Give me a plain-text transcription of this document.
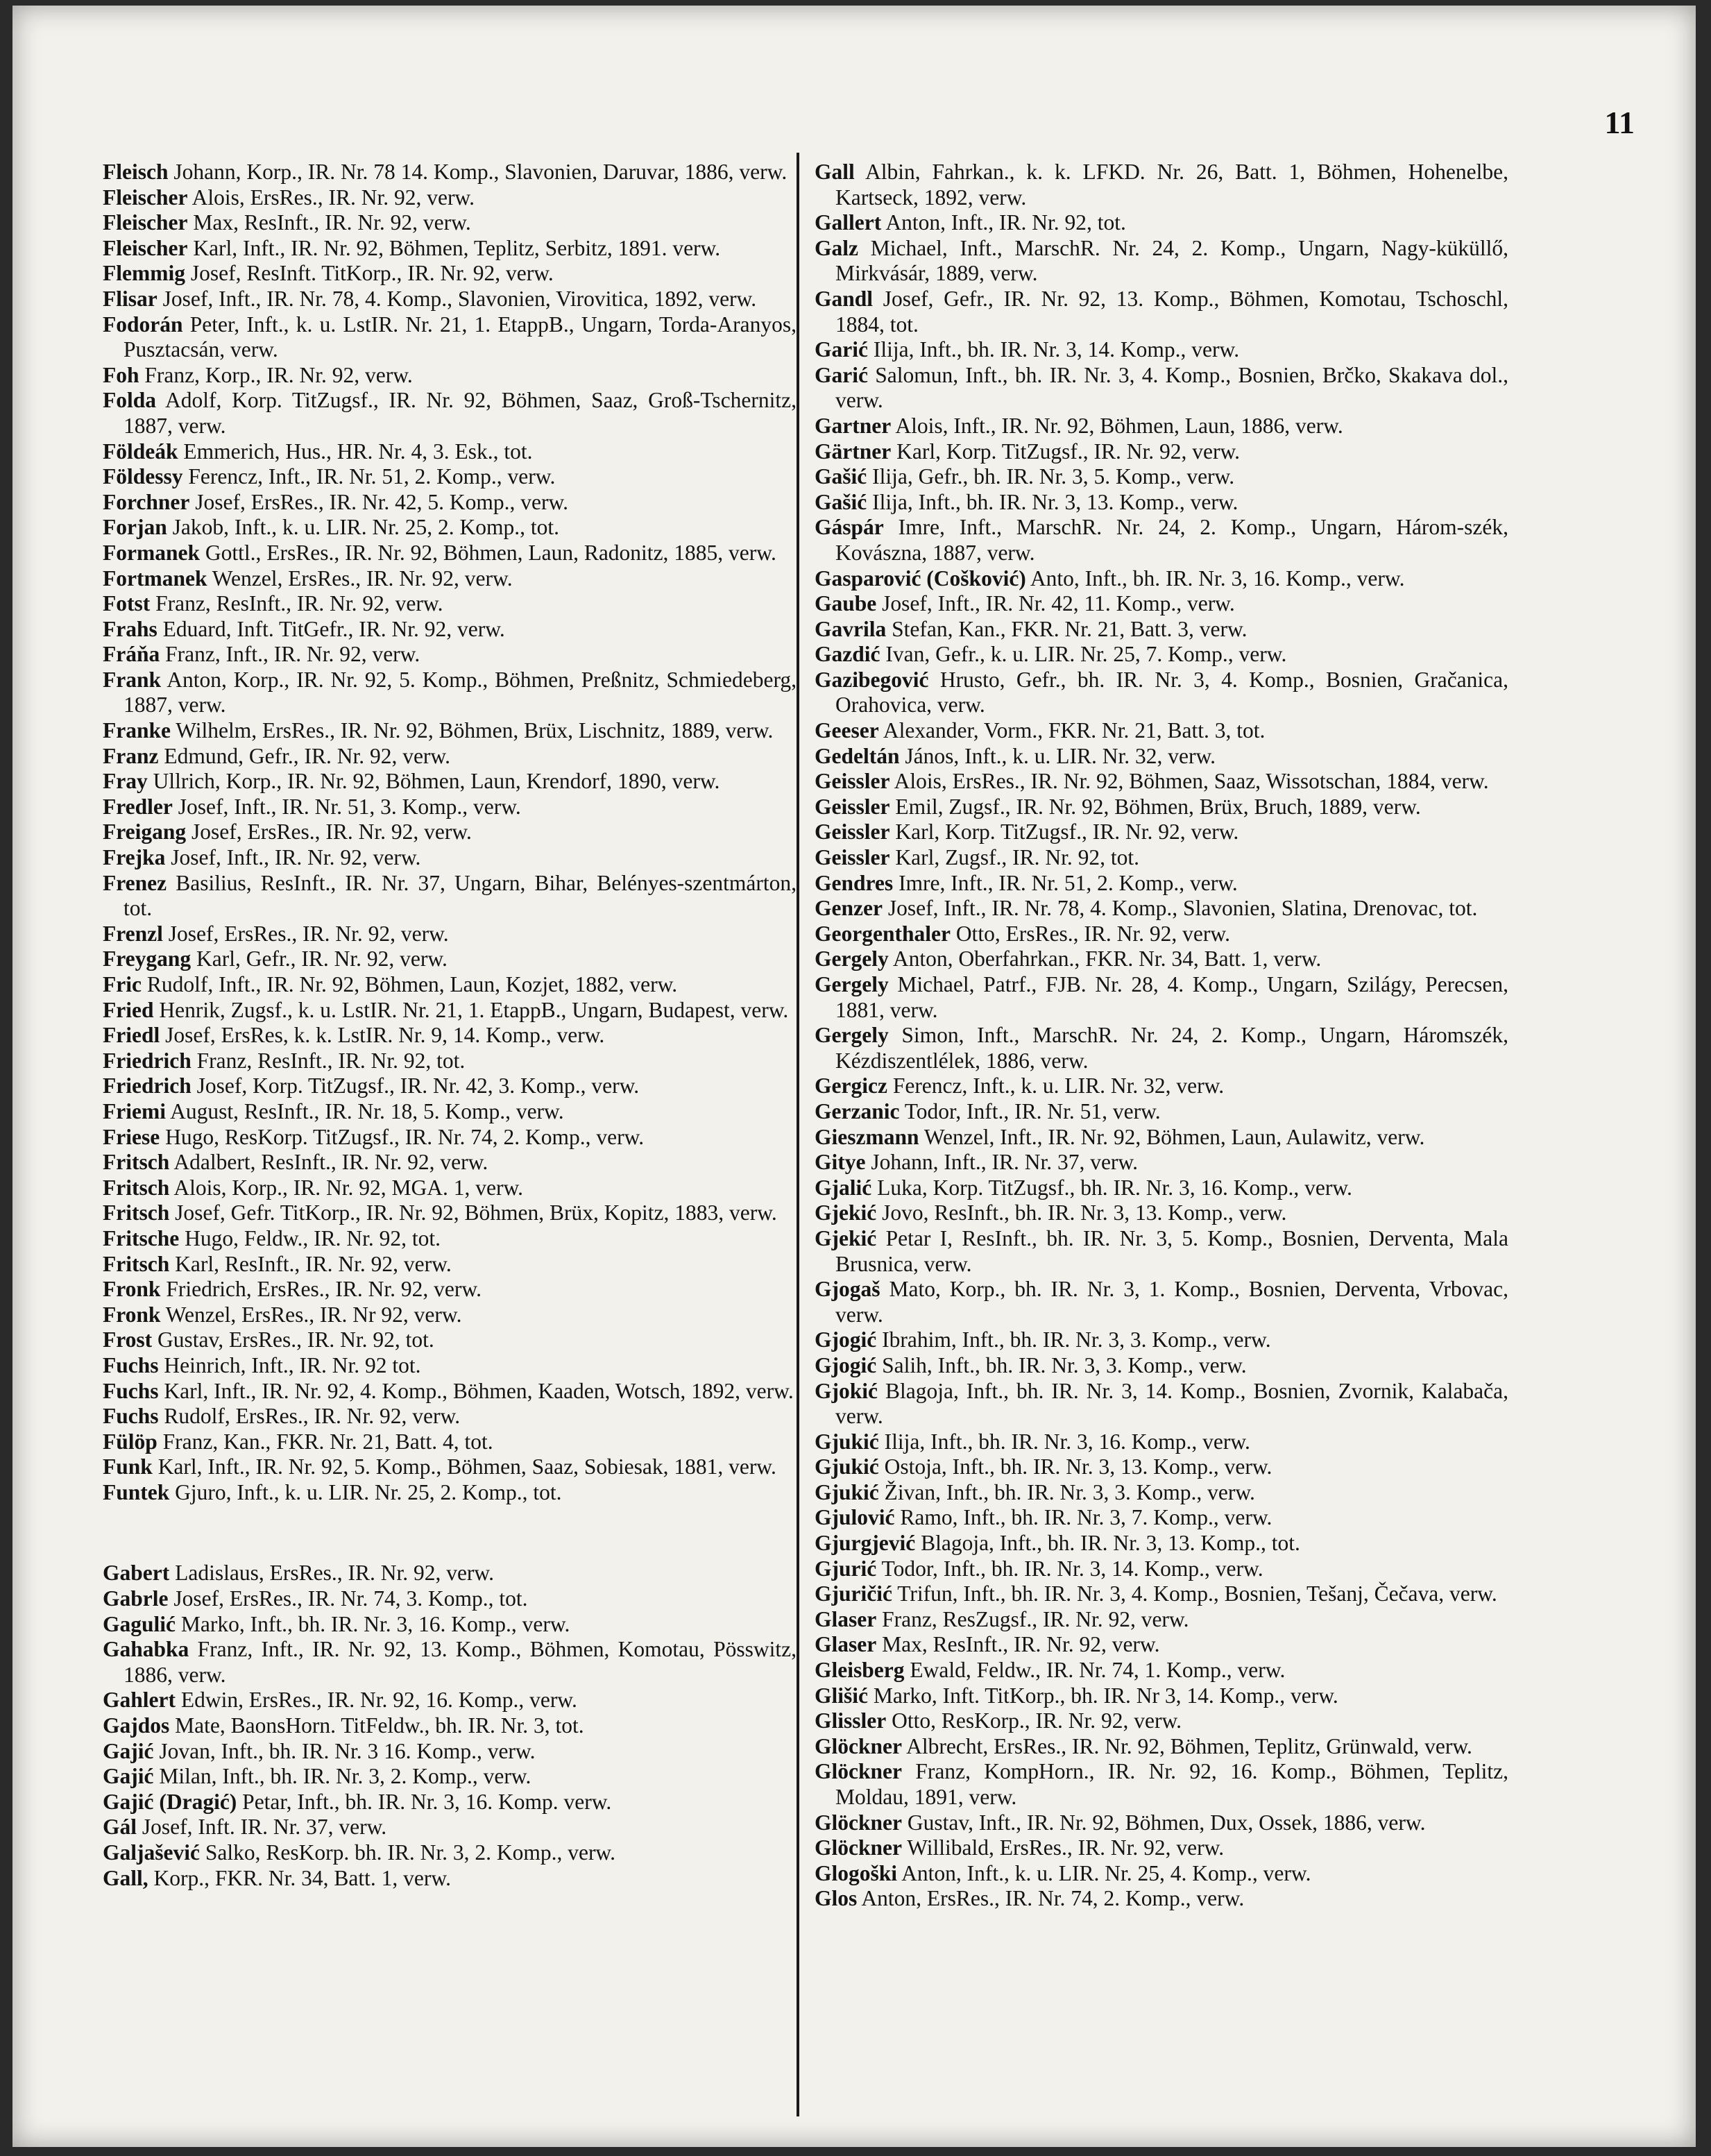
11

Fleisch Johann, Korp., IR. Nr. 78 14. Komp., Slavonien, Daruvar, 1886, verw.

Fleischer Alois, ErsRes., IR. Nr. 92, verw.

Fleischer Max, ResInft., IR. Nr. 92, verw.

Fleischer Karl, Inft., IR. Nr. 92, Böhmen, Teplitz, Serbitz, 1891. verw.

Flemmig Josef, ResInft. TitKorp., IR. Nr. 92, verw.

Flisar Josef, Inft., IR. Nr. 78, 4. Komp., Slavonien, Virovitica, 1892, verw.

Fodorán Peter, Inft., k. u. LstIR. Nr. 21, 1. EtappB., Ungarn, Torda-Aranyos, Pusztacsán, verw.

Foh Franz, Korp., IR. Nr. 92, verw.

Folda Adolf, Korp. TitZugsf., IR. Nr. 92, Böhmen, Saaz, Groß-Tschernitz, 1887, verw.

Földeák Emmerich, Hus., HR. Nr. 4, 3. Esk., tot.

Földessy Ferencz, Inft., IR. Nr. 51, 2. Komp., verw.

Forchner Josef, ErsRes., IR. Nr. 42, 5. Komp., verw.

Forjan Jakob, Inft., k. u. LIR. Nr. 25, 2. Komp., tot.

Formanek Gottl., ErsRes., IR. Nr. 92, Böhmen, Laun, Radonitz, 1885, verw.

Fortmanek Wenzel, ErsRes., IR. Nr. 92, verw.

Fotst Franz, ResInft., IR. Nr. 92, verw.

Frahs Eduard, Inft. TitGefr., IR. Nr. 92, verw.

Fráňa Franz, Inft., IR. Nr. 92, verw.

Frank Anton, Korp., IR. Nr. 92, 5. Komp., Böhmen, Preßnitz, Schmiedeberg, 1887, verw.

Franke Wilhelm, ErsRes., IR. Nr. 92, Böhmen, Brüx, Lischnitz, 1889, verw.

Franz Edmund, Gefr., IR. Nr. 92, verw.

Fray Ullrich, Korp., IR. Nr. 92, Böhmen, Laun, Krendorf, 1890, verw.

Fredler Josef, Inft., IR. Nr. 51, 3. Komp., verw.

Freigang Josef, ErsRes., IR. Nr. 92, verw.

Frejka Josef, Inft., IR. Nr. 92, verw.

Frenez Basilius, ResInft., IR. Nr. 37, Ungarn, Bihar, Belényes-szentmárton, tot.

Frenzl Josef, ErsRes., IR. Nr. 92, verw.

Freygang Karl, Gefr., IR. Nr. 92, verw.

Fric Rudolf, Inft., IR. Nr. 92, Böhmen, Laun, Kozjet, 1882, verw.

Fried Henrik, Zugsf., k. u. LstIR. Nr. 21, 1. EtappB., Ungarn, Budapest, verw.

Friedl Josef, ErsRes, k. k. LstIR. Nr. 9, 14. Komp., verw.

Friedrich Franz, ResInft., IR. Nr. 92, tot.

Friedrich Josef, Korp. TitZugsf., IR. Nr. 42, 3. Komp., verw.

Friemi August, ResInft., IR. Nr. 18, 5. Komp., verw.

Friese Hugo, ResKorp. TitZugsf., IR. Nr. 74, 2. Komp., verw.

Fritsch Adalbert, ResInft., IR. Nr. 92, verw.

Fritsch Alois, Korp., IR. Nr. 92, MGA. 1, verw.

Fritsch Josef, Gefr. TitKorp., IR. Nr. 92, Böhmen, Brüx, Kopitz, 1883, verw.

Fritsche Hugo, Feldw., IR. Nr. 92, tot.

Fritsch Karl, ResInft., IR. Nr. 92, verw.

Fronk Friedrich, ErsRes., IR. Nr. 92, verw.

Fronk Wenzel, ErsRes., IR. Nr 92, verw.

Frost Gustav, ErsRes., IR. Nr. 92, tot.

Fuchs Heinrich, Inft., IR. Nr. 92 tot.

Fuchs Karl, Inft., IR. Nr. 92, 4. Komp., Böhmen, Kaaden, Wotsch, 1892, verw.

Fuchs Rudolf, ErsRes., IR. Nr. 92, verw.

Fülöp Franz, Kan., FKR. Nr. 21, Batt. 4, tot.

Funk Karl, Inft., IR. Nr. 92, 5. Komp., Böhmen, Saaz, Sobiesak, 1881, verw.

Funtek Gjuro, Inft., k. u. LIR. Nr. 25, 2. Komp., tot.

Gabert Ladislaus, ErsRes., IR. Nr. 92, verw.

Gabrle Josef, ErsRes., IR. Nr. 74, 3. Komp., tot.

Gagulić Marko, Inft., bh. IR. Nr. 3, 16. Komp., verw.

Gahabka Franz, Inft., IR. Nr. 92, 13. Komp., Böhmen, Komotau, Pösswitz, 1886, verw.

Gahlert Edwin, ErsRes., IR. Nr. 92, 16. Komp., verw.

Gajdos Mate, BaonsHorn. TitFeldw., bh. IR. Nr. 3, tot.

Gajić Jovan, Inft., bh. IR. Nr. 3 16. Komp., verw.

Gajić Milan, Inft., bh. IR. Nr. 3, 2. Komp., verw.

Gajić (Dragić) Petar, Inft., bh. IR. Nr. 3, 16. Komp. verw.

Gál Josef, Inft. IR. Nr. 37, verw.

Galjašević Salko, ResKorp. bh. IR. Nr. 3, 2. Komp., verw.

Gall, Korp., FKR. Nr. 34, Batt. 1, verw.

Gall Albin, Fahrkan., k. k. LFKD. Nr. 26, Batt. 1, Böhmen, Hohenelbe, Kartseck, 1892, verw.

Gallert Anton, Inft., IR. Nr. 92, tot.

Galz Michael, Inft., MarschR. Nr. 24, 2. Komp., Ungarn, Nagy-küküllő, Mirkvásár, 1889, verw.

Gandl Josef, Gefr., IR. Nr. 92, 13. Komp., Böhmen, Komotau, Tschoschl, 1884, tot.

Garić Ilija, Inft., bh. IR. Nr. 3, 14. Komp., verw.

Garić Salomun, Inft., bh. IR. Nr. 3, 4. Komp., Bosnien, Brčko, Skakava dol., verw.

Gartner Alois, Inft., IR. Nr. 92, Böhmen, Laun, 1886, verw.

Gärtner Karl, Korp. TitZugsf., IR. Nr. 92, verw.

Gašić Ilija, Gefr., bh. IR. Nr. 3, 5. Komp., verw.

Gašić Ilija, Inft., bh. IR. Nr. 3, 13. Komp., verw.

Gáspár Imre, Inft., MarschR. Nr. 24, 2. Komp., Ungarn, Három-szék, Kovászna, 1887, verw.

Gasparović (Cošković) Anto, Inft., bh. IR. Nr. 3, 16. Komp., verw.

Gaube Josef, Inft., IR. Nr. 42, 11. Komp., verw.

Gavrila Stefan, Kan., FKR. Nr. 21, Batt. 3, verw.

Gazdić Ivan, Gefr., k. u. LIR. Nr. 25, 7. Komp., verw.

Gazibegović Hrusto, Gefr., bh. IR. Nr. 3, 4. Komp., Bosnien, Gračanica, Orahovica, verw.

Geeser Alexander, Vorm., FKR. Nr. 21, Batt. 3, tot.

Gedeltán János, Inft., k. u. LIR. Nr. 32, verw.

Geissler Alois, ErsRes., IR. Nr. 92, Böhmen, Saaz, Wissotschan, 1884, verw.

Geissler Emil, Zugsf., IR. Nr. 92, Böhmen, Brüx, Bruch, 1889, verw.

Geissler Karl, Korp. TitZugsf., IR. Nr. 92, verw.

Geissler Karl, Zugsf., IR. Nr. 92, tot.

Gendres Imre, Inft., IR. Nr. 51, 2. Komp., verw.

Genzer Josef, Inft., IR. Nr. 78, 4. Komp., Slavonien, Slatina, Drenovac, tot.

Georgenthaler Otto, ErsRes., IR. Nr. 92, verw.

Gergely Anton, Oberfahrkan., FKR. Nr. 34, Batt. 1, verw.

Gergely Michael, Patrf., FJB. Nr. 28, 4. Komp., Ungarn, Szilágy, Perecsen, 1881, verw.

Gergely Simon, Inft., MarschR. Nr. 24, 2. Komp., Ungarn, Háromszék, Kézdiszentlélek, 1886, verw.

Gergicz Ferencz, Inft., k. u. LIR. Nr. 32, verw.

Gerzanic Todor, Inft., IR. Nr. 51, verw.

Gieszmann Wenzel, Inft., IR. Nr. 92, Böhmen, Laun, Aulawitz, verw.

Gitye Johann, Inft., IR. Nr. 37, verw.

Gjalić Luka, Korp. TitZugsf., bh. IR. Nr. 3, 16. Komp., verw.

Gjekić Jovo, ResInft., bh. IR. Nr. 3, 13. Komp., verw.

Gjekić Petar I, ResInft., bh. IR. Nr. 3, 5. Komp., Bosnien, Derventa, Mala Brusnica, verw.

Gjogaš Mato, Korp., bh. IR. Nr. 3, 1. Komp., Bosnien, Derventa, Vrbovac, verw.

Gjogić Ibrahim, Inft., bh. IR. Nr. 3, 3. Komp., verw.

Gjogić Salih, Inft., bh. IR. Nr. 3, 3. Komp., verw.

Gjokić Blagoja, Inft., bh. IR. Nr. 3, 14. Komp., Bosnien, Zvornik, Kalabača, verw.

Gjukić Ilija, Inft., bh. IR. Nr. 3, 16. Komp., verw.

Gjukić Ostoja, Inft., bh. IR. Nr. 3, 13. Komp., verw.

Gjukić Živan, Inft., bh. IR. Nr. 3, 3. Komp., verw.

Gjulović Ramo, Inft., bh. IR. Nr. 3, 7. Komp., verw.

Gjurgjević Blagoja, Inft., bh. IR. Nr. 3, 13. Komp., tot.

Gjurić Todor, Inft., bh. IR. Nr. 3, 14. Komp., verw.

Gjuričić Trifun, Inft., bh. IR. Nr. 3, 4. Komp., Bosnien, Tešanj, Čečava, verw.

Glaser Franz, ResZugsf., IR. Nr. 92, verw.

Glaser Max, ResInft., IR. Nr. 92, verw.

Gleisberg Ewald, Feldw., IR. Nr. 74, 1. Komp., verw.

Glišić Marko, Inft. TitKorp., bh. IR. Nr 3, 14. Komp., verw.

Glissler Otto, ResKorp., IR. Nr. 92, verw.

Glöckner Albrecht, ErsRes., IR. Nr. 92, Böhmen, Teplitz, Grünwald, verw.

Glöckner Franz, KompHorn., IR. Nr. 92, 16. Komp., Böhmen, Teplitz, Moldau, 1891, verw.

Glöckner Gustav, Inft., IR. Nr. 92, Böhmen, Dux, Ossek, 1886, verw.

Glöckner Willibald, ErsRes., IR. Nr. 92, verw.

Glogoški Anton, Inft., k. u. LIR. Nr. 25, 4. Komp., verw.

Glos Anton, ErsRes., IR. Nr. 74, 2. Komp., verw.
